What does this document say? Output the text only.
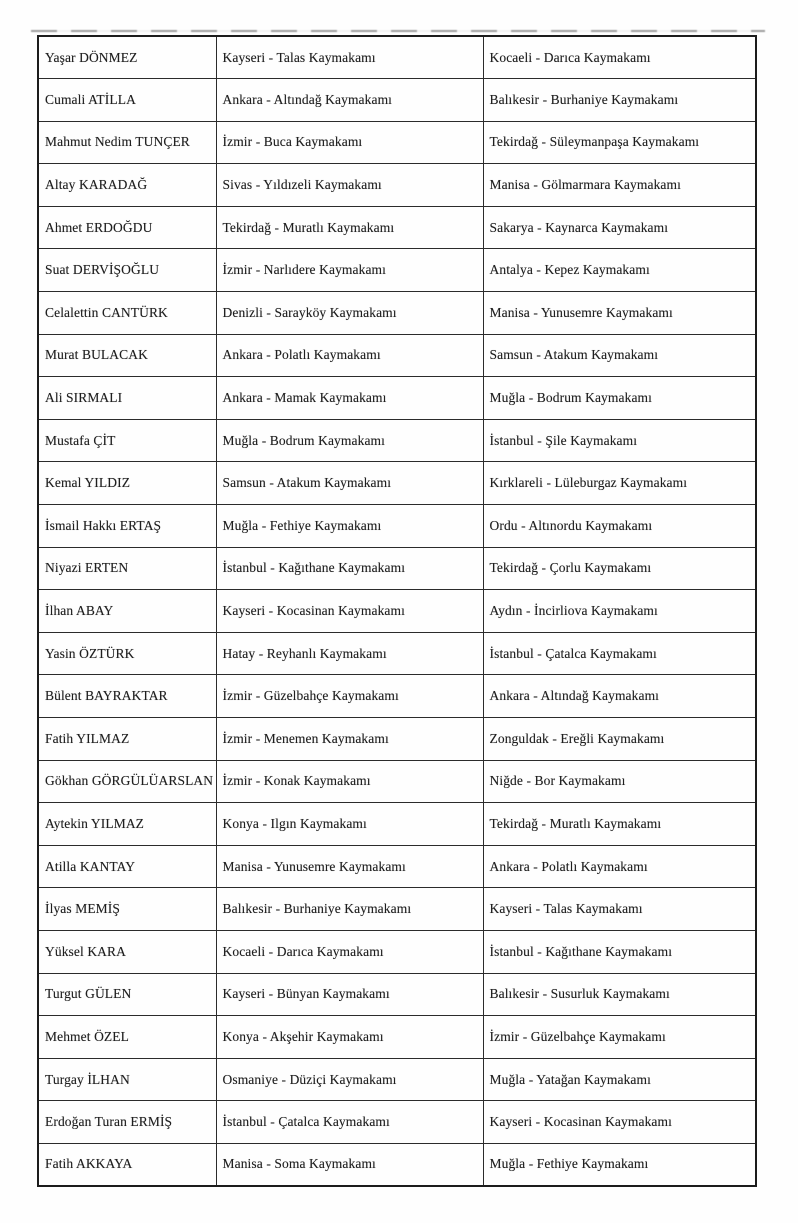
Yaşar DÖNMEZ	Kayseri - Talas Kaymakamı	Kocaeli - Darıca Kaymakamı
Cumali ATİLLA	Ankara - Altındağ Kaymakamı	Balıkesir - Burhaniye Kaymakamı
Mahmut Nedim TUNÇER	İzmir - Buca Kaymakamı	Tekirdağ - Süleymanpaşa Kaymakamı
Altay KARADAĞ	Sivas - Yıldızeli Kaymakamı	Manisa - Gölmarmara Kaymakamı
Ahmet ERDOĞDU	Tekirdağ - Muratlı Kaymakamı	Sakarya - Kaynarca Kaymakamı
Suat DERVİŞOĞLU	İzmir - Narlıdere Kaymakamı	Antalya - Kepez Kaymakamı
Celalettin CANTÜRK	Denizli - Sarayköy Kaymakamı	Manisa - Yunusemre Kaymakamı
Murat BULACAK	Ankara - Polatlı Kaymakamı	Samsun - Atakum Kaymakamı
Ali SIRMALI	Ankara - Mamak Kaymakamı	Muğla - Bodrum Kaymakamı
Mustafa ÇİT	Muğla - Bodrum Kaymakamı	İstanbul - Şile Kaymakamı
Kemal YILDIZ	Samsun - Atakum Kaymakamı	Kırklareli - Lüleburgaz Kaymakamı
İsmail Hakkı ERTAŞ	Muğla - Fethiye Kaymakamı	Ordu - Altınordu Kaymakamı
Niyazi ERTEN	İstanbul - Kağıthane Kaymakamı	Tekirdağ - Çorlu Kaymakamı
İlhan ABAY	Kayseri - Kocasinan Kaymakamı	Aydın - İncirliova Kaymakamı
Yasin ÖZTÜRK	Hatay - Reyhanlı Kaymakamı	İstanbul - Çatalca Kaymakamı
Bülent BAYRAKTAR	İzmir - Güzelbahçe Kaymakamı	Ankara - Altındağ Kaymakamı
Fatih YILMAZ	İzmir - Menemen Kaymakamı	Zonguldak - Ereğli Kaymakamı
Gökhan GÖRGÜLÜARSLAN	İzmir - Konak Kaymakamı	Niğde - Bor Kaymakamı
Aytekin YILMAZ	Konya - Ilgın Kaymakamı	Tekirdağ - Muratlı Kaymakamı
Atilla KANTAY	Manisa - Yunusemre Kaymakamı	Ankara - Polatlı Kaymakamı
İlyas MEMİŞ	Balıkesir - Burhaniye Kaymakamı	Kayseri - Talas Kaymakamı
Yüksel KARA	Kocaeli - Darıca Kaymakamı	İstanbul - Kağıthane Kaymakamı
Turgut GÜLEN	Kayseri - Bünyan Kaymakamı	Balıkesir - Susurluk Kaymakamı
Mehmet ÖZEL	Konya - Akşehir Kaymakamı	İzmir - Güzelbahçe Kaymakamı
Turgay İLHAN	Osmaniye - Düziçi Kaymakamı	Muğla - Yatağan Kaymakamı
Erdoğan Turan ERMİŞ	İstanbul - Çatalca Kaymakamı	Kayseri - Kocasinan Kaymakamı
Fatih AKKAYA	Manisa - Soma Kaymakamı	Muğla - Fethiye Kaymakamı
